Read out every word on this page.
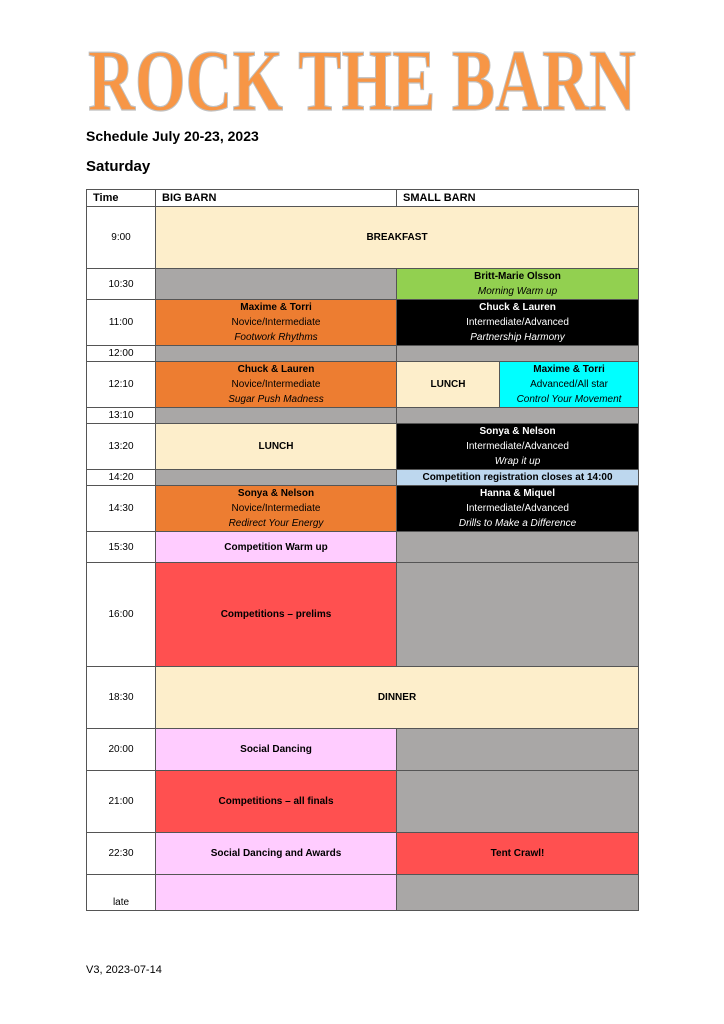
ROCK THE BARN
Schedule July 20-23, 2023
Saturday
Time	BIG BARN	SMALL BARN	
9:00	BREAKFAST		

10:30		Britt-Marie Olsson
Morning Warm up	

11:00	Maxime & Torri
Novice/Intermediate
Footwork Rhythms	Chuck & Lauren
Intermediate/Advanced
Partnership Harmony	

12:00			
12:10	Chuck & Lauren
Novice/Intermediate
Sugar Push Madness	LUNCH	Maxime & Torri
Advanced/All star
Control Your Movement

13:10			
13:20	LUNCH	Sonya & Nelson
Intermediate/Advanced
Wrap it up	

14:20		Competition registration closes at 14:00	

14:30	Sonya & Nelson
Novice/Intermediate
Redirect Your Energy	Hanna & Miquel
Intermediate/Advanced
Drills to Make a Difference	

15:30	Competition Warm up		

16:00	Competitions – prelims		

18:30	DINNER		

20:00	Social Dancing		

21:00	Competitions – all finals		

22:30	Social Dancing and Awards	Tent Crawl!	

late			
V3, 2023-07-14
